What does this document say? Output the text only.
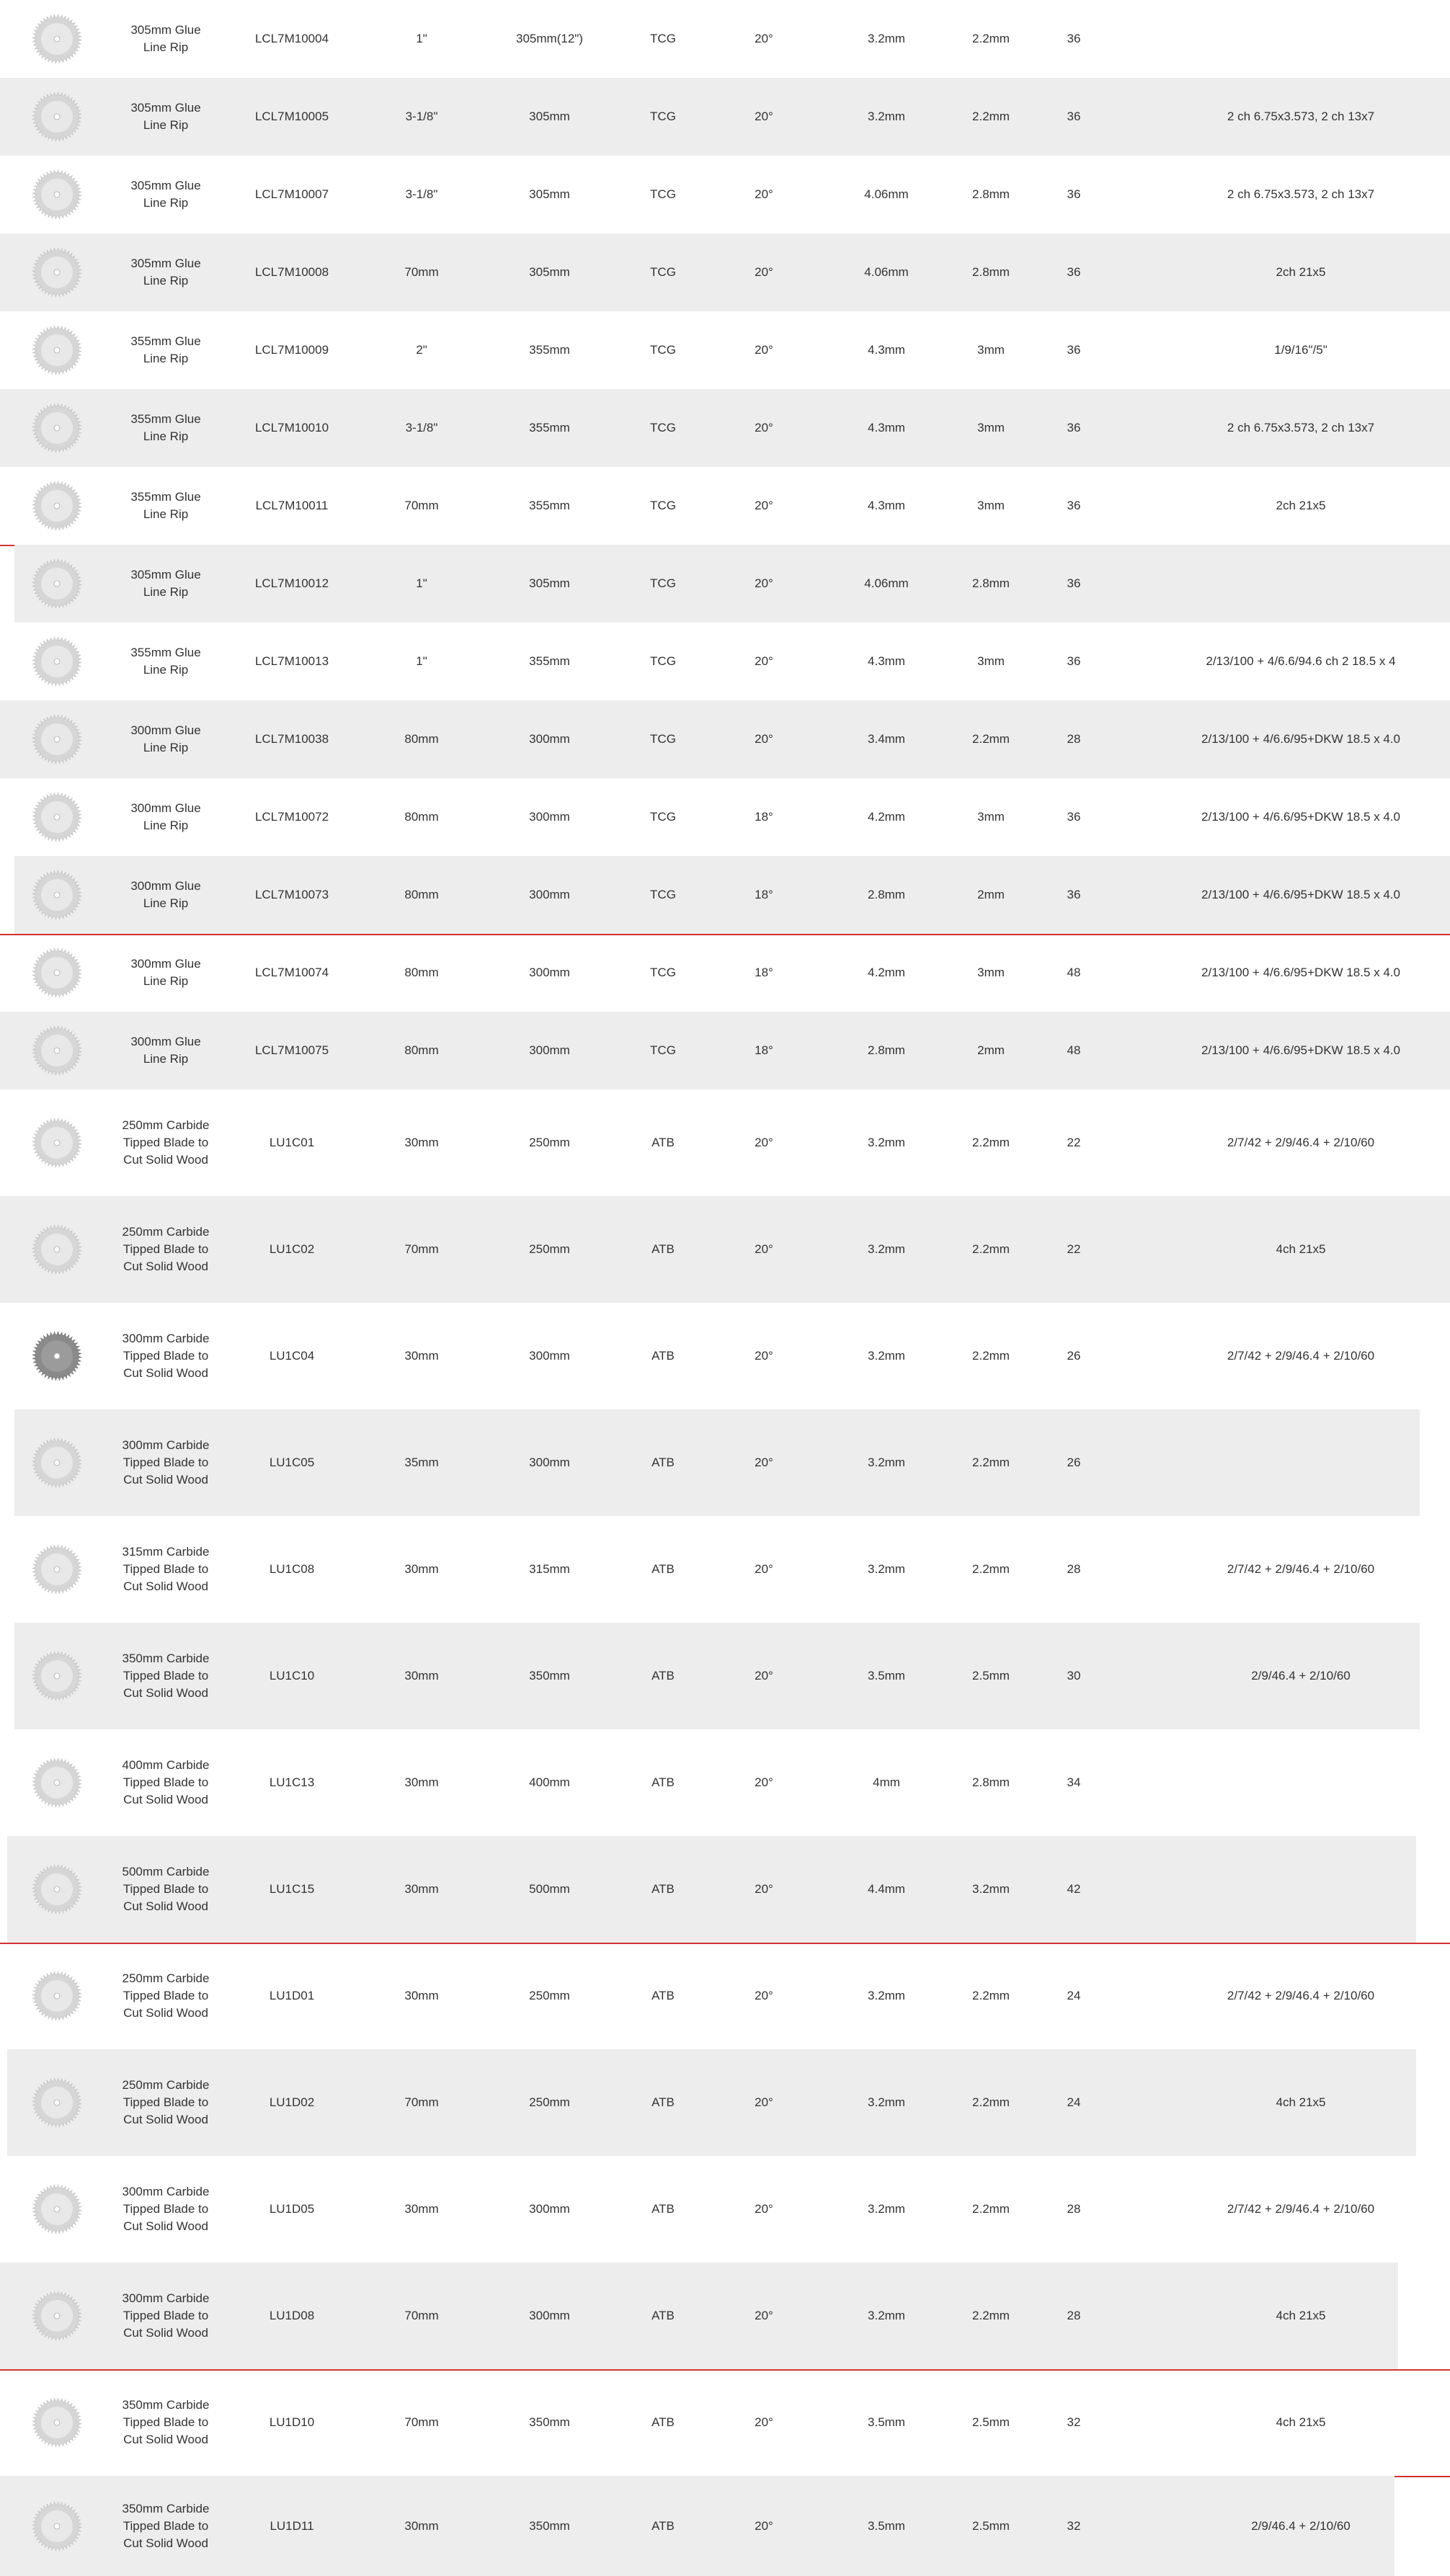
305mm Glue Line Rip
LCL7M10004	1"	305mm(12")	TCG	20°	3.2mm	2.2mm	36
305mm Glue Line Rip
LCL7M10005	3-1/8"	305mm	TCG	20°	3.2mm	2.2mm	36	2 ch 6.75x3.573, 2 ch 13x7
305mm Glue Line Rip
LCL7M10007	3-1/8"	305mm	TCG	20°	4.06mm	2.8mm	36	2 ch 6.75x3.573, 2 ch 13x7
305mm Glue Line Rip
LCL7M10008	70mm	305mm	TCG	20°	4.06mm	2.8mm	36	2ch 21x5
355mm Glue Line Rip
LCL7M10009	2"	355mm	TCG	20°	4.3mm	3mm	36	1/9/16"/5"
355mm Glue Line Rip
LCL7M10010	3-1/8"	355mm	TCG	20°	4.3mm	3mm	36	2 ch 6.75x3.573, 2 ch 13x7
355mm Glue Line Rip
LCL7M10011	70mm	355mm	TCG	20°	4.3mm	3mm	36	2ch 21x5
305mm Glue Line Rip
LCL7M10012	1"	305mm	TCG	20°	4.06mm	2.8mm	36
355mm Glue Line Rip
LCL7M10013	1"	355mm	TCG	20°	4.3mm	3mm	36	2/13/100 + 4/6.6/94.6 ch 2 18.5 x 4
300mm Glue Line Rip
LCL7M10038	80mm	300mm	TCG	20°	3.4mm	2.2mm	28	2/13/100 + 4/6.6/95+DKW 18.5 x 4.0
300mm Glue Line Rip
LCL7M10072	80mm	300mm	TCG	18°	4.2mm	3mm	36	2/13/100 + 4/6.6/95+DKW 18.5 x 4.0
300mm Glue Line Rip
LCL7M10073	80mm	300mm	TCG	18°	2.8mm	2mm	36	2/13/100 + 4/6.6/95+DKW 18.5 x 4.0
300mm Glue Line Rip
LCL7M10074	80mm	300mm	TCG	18°	4.2mm	3mm	48	2/13/100 + 4/6.6/95+DKW 18.5 x 4.0
300mm Glue Line Rip
LCL7M10075	80mm	300mm	TCG	18°	2.8mm	2mm	48	2/13/100 + 4/6.6/95+DKW 18.5 x 4.0
250mm Carbide Tipped Blade to Cut Solid Wood
LU1C01	30mm	250mm	ATB	20°	3.2mm	2.2mm	22	2/7/42 + 2/9/46.4 + 2/10/60
250mm Carbide Tipped Blade to Cut Solid Wood
LU1C02	70mm	250mm	ATB	20°	3.2mm	2.2mm	22	4ch 21x5
300mm Carbide Tipped Blade to Cut Solid Wood
LU1C04	30mm	300mm	ATB	20°	3.2mm	2.2mm	26	2/7/42 + 2/9/46.4 + 2/10/60
300mm Carbide Tipped Blade to Cut Solid Wood
LU1C05	35mm	300mm	ATB	20°	3.2mm	2.2mm	26
315mm Carbide Tipped Blade to Cut Solid Wood
LU1C08	30mm	315mm	ATB	20°	3.2mm	2.2mm	28	2/7/42 + 2/9/46.4 + 2/10/60
350mm Carbide Tipped Blade to Cut Solid Wood
LU1C10	30mm	350mm	ATB	20°	3.5mm	2.5mm	30	2/9/46.4 + 2/10/60
400mm Carbide Tipped Blade to Cut Solid Wood
LU1C13	30mm	400mm	ATB	20°	4mm	2.8mm	34
500mm Carbide Tipped Blade to Cut Solid Wood
LU1C15	30mm	500mm	ATB	20°	4.4mm	3.2mm	42
250mm Carbide Tipped Blade to Cut Solid Wood
LU1D01	30mm	250mm	ATB	20°	3.2mm	2.2mm	24	2/7/42 + 2/9/46.4 + 2/10/60
250mm Carbide Tipped Blade to Cut Solid Wood
LU1D02	70mm	250mm	ATB	20°	3.2mm	2.2mm	24	4ch 21x5
300mm Carbide Tipped Blade to Cut Solid Wood
LU1D05	30mm	300mm	ATB	20°	3.2mm	2.2mm	28	2/7/42 + 2/9/46.4 + 2/10/60
300mm Carbide Tipped Blade to Cut Solid Wood
LU1D08	70mm	300mm	ATB	20°	3.2mm	2.2mm	28	4ch 21x5
350mm Carbide Tipped Blade to Cut Solid Wood
LU1D10	70mm	350mm	ATB	20°	3.5mm	2.5mm	32	4ch 21x5
350mm Carbide Tipped Blade to Cut Solid Wood
LU1D11	30mm	350mm	ATB	20°	3.5mm	2.5mm	32	2/9/46.4 + 2/10/60
